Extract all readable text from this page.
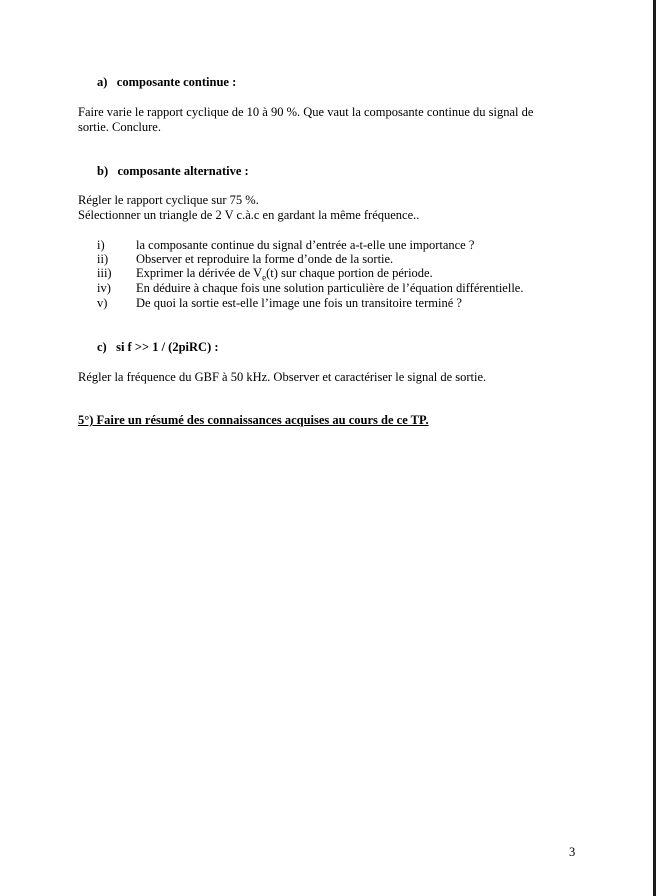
a) composante continue :
Faire varie le rapport cyclique de 10 à 90 %. Que vaut la composante continue du signal de
sortie. Conclure.
b) composante alternative :
Régler le rapport cyclique sur 75 %.
Sélectionner un triangle de 2 V c.à.c en gardant la même fréquence..
i)	la composante continue du signal d’entrée a-t-elle une importance ?
ii) Observer et reproduire la forme d’onde de la sortie.
iii) Exprimer la dérivée de $V_e(t)$ sur chaque portion de période.
iv) En déduire à chaque fois une solution particulière de l’équation différentielle.
v) De quoi la sortie est-elle l’image une fois un transitoire terminé ?
c) si f >> 1 / (2piRC) :
Régler la fréquence du GBF à 50 kHz. Observer et caractériser le signal de sortie.
5°) Faire un résumé des connaissances acquises au cours de ce TP.
3
